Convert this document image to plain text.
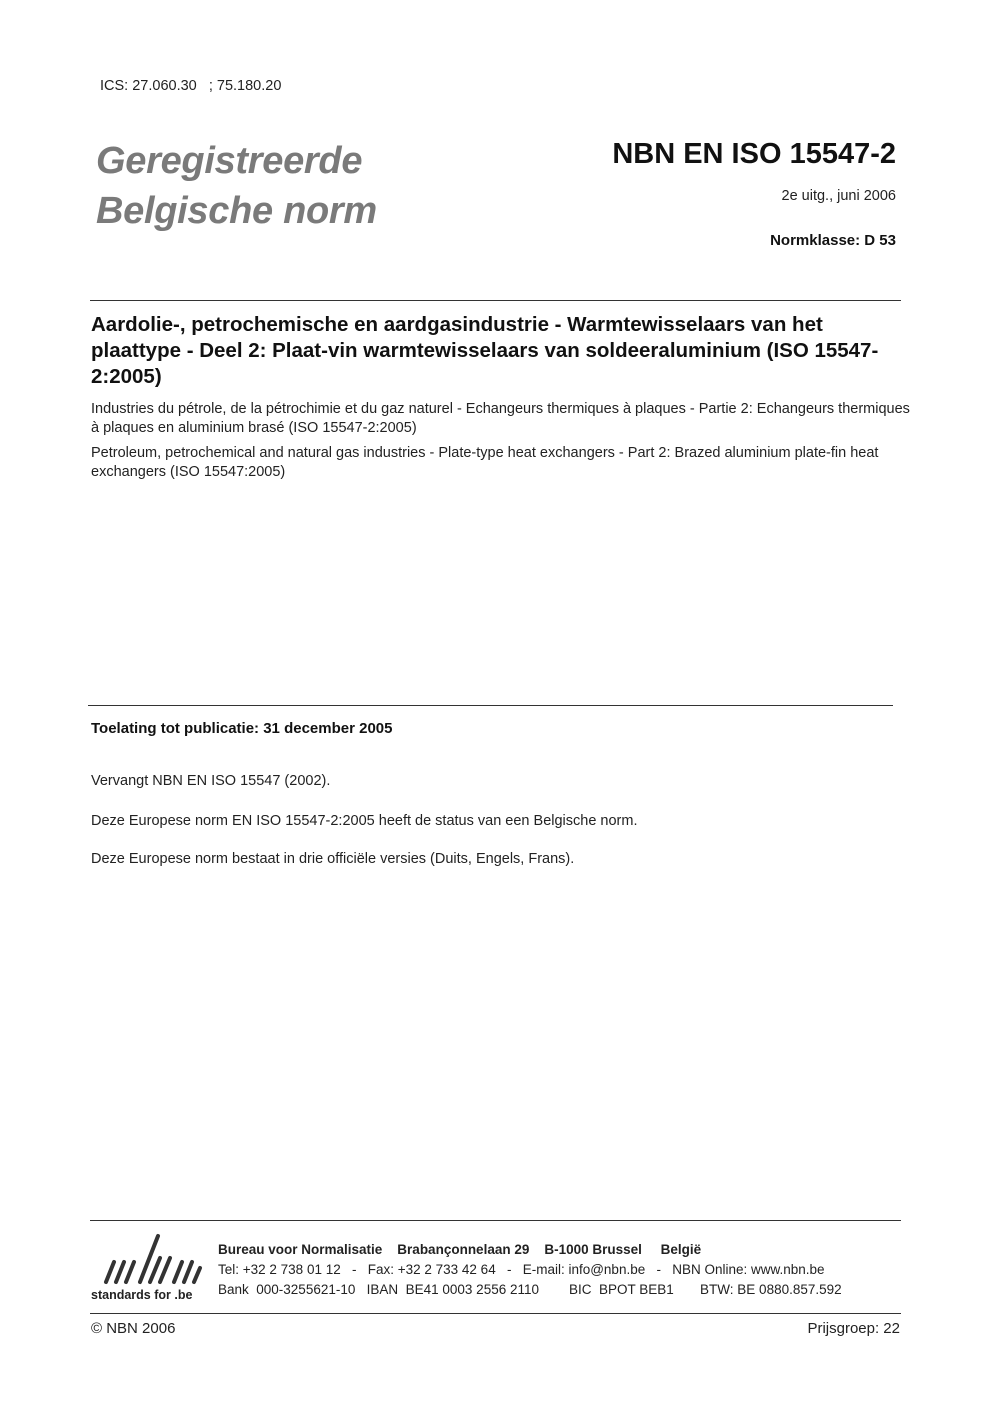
ICS: 27.060.30   ; 75.180.20
Geregistreerde
Belgische norm
NBN EN ISO 15547-2
2e uitg., juni 2006
Normklasse: D 53
Aardolie-, petrochemische en aardgasindustrie - Warmtewisselaars van het plaattype - Deel 2: Plaat-vin warmtewisselaars van soldeeraluminium (ISO 15547-2:2005)
Industries du pétrole, de la pétrochimie et du gaz naturel - Echangeurs thermiques à plaques - Partie 2: Echangeurs thermiques à plaques en aluminium brasé (ISO 15547-2:2005)
Petroleum, petrochemical and natural gas industries - Plate-type heat exchangers - Part 2: Brazed aluminium plate-fin heat exchangers (ISO 15547:2005)
Toelating tot publicatie: 31 december 2005
Vervangt NBN EN ISO 15547 (2002).
Deze Europese norm EN ISO 15547-2:2005 heeft de status van een Belgische norm.
Deze Europese norm bestaat in drie officiële versies (Duits, Engels, Frans).
standards for .be
Bureau voor Normalisatie    Brabançonnelaan 29    B-1000 Brussel     België
Tel: +32 2 738 01 12   -   Fax: +32 2 733 42 64   -   E-mail: info@nbn.be   -   NBN Online: www.nbn.be
Bank  000-3255621-10   IBAN  BE41 0003 2556 2110        BIC  BPOT BEB1       BTW: BE 0880.857.592
© NBN 2006	Prijsgroep: 22
